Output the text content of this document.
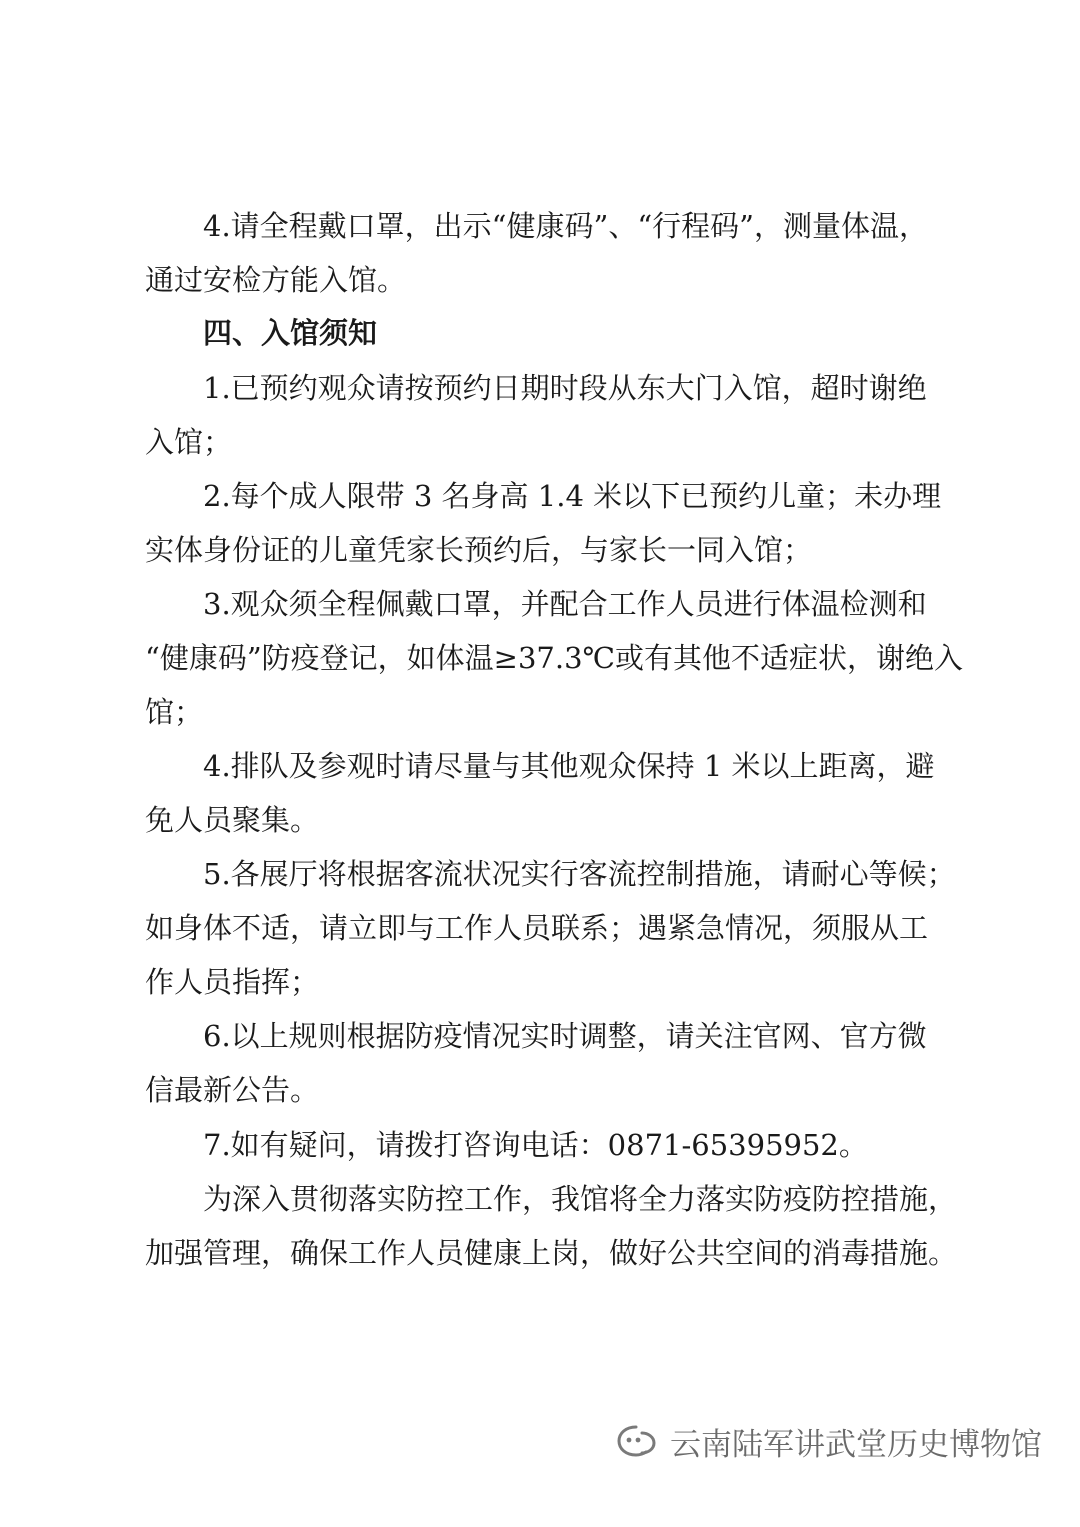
4.请全程戴口罩，出示“健康码”、“行程码”，测量体温，
通过安检方能入馆。
四、入馆须知
1.已预约观众请按预约日期时段从东大门入馆，超时谢绝
入馆；
2.每个成人限带 3 名身高 1.4 米以下已预约儿童；未办理
实体身份证的儿童凭家长预约后，与家长一同入馆；
3.观众须全程佩戴口罩，并配合工作人员进行体温检测和
“健康码”防疫登记，如体温≥37.3℃或有其他不适症状，谢绝入
馆；
4.排队及参观时请尽量与其他观众保持 1 米以上距离，避
免人员聚集。
5.各展厅将根据客流状况实行客流控制措施，请耐心等候；
如身体不适，请立即与工作人员联系；遇紧急情况，须服从工
作人员指挥；
6.以上规则根据防疫情况实时调整，请关注官网、官方微
信最新公告。
7.如有疑问，请拨打咨询电话：0871-65395952。
为深入贯彻落实防控工作，我馆将全力落实防疫防控措施，
加强管理，确保工作人员健康上岗，做好公共空间的消毒措施。
云南陆军讲武堂历史博物馆
